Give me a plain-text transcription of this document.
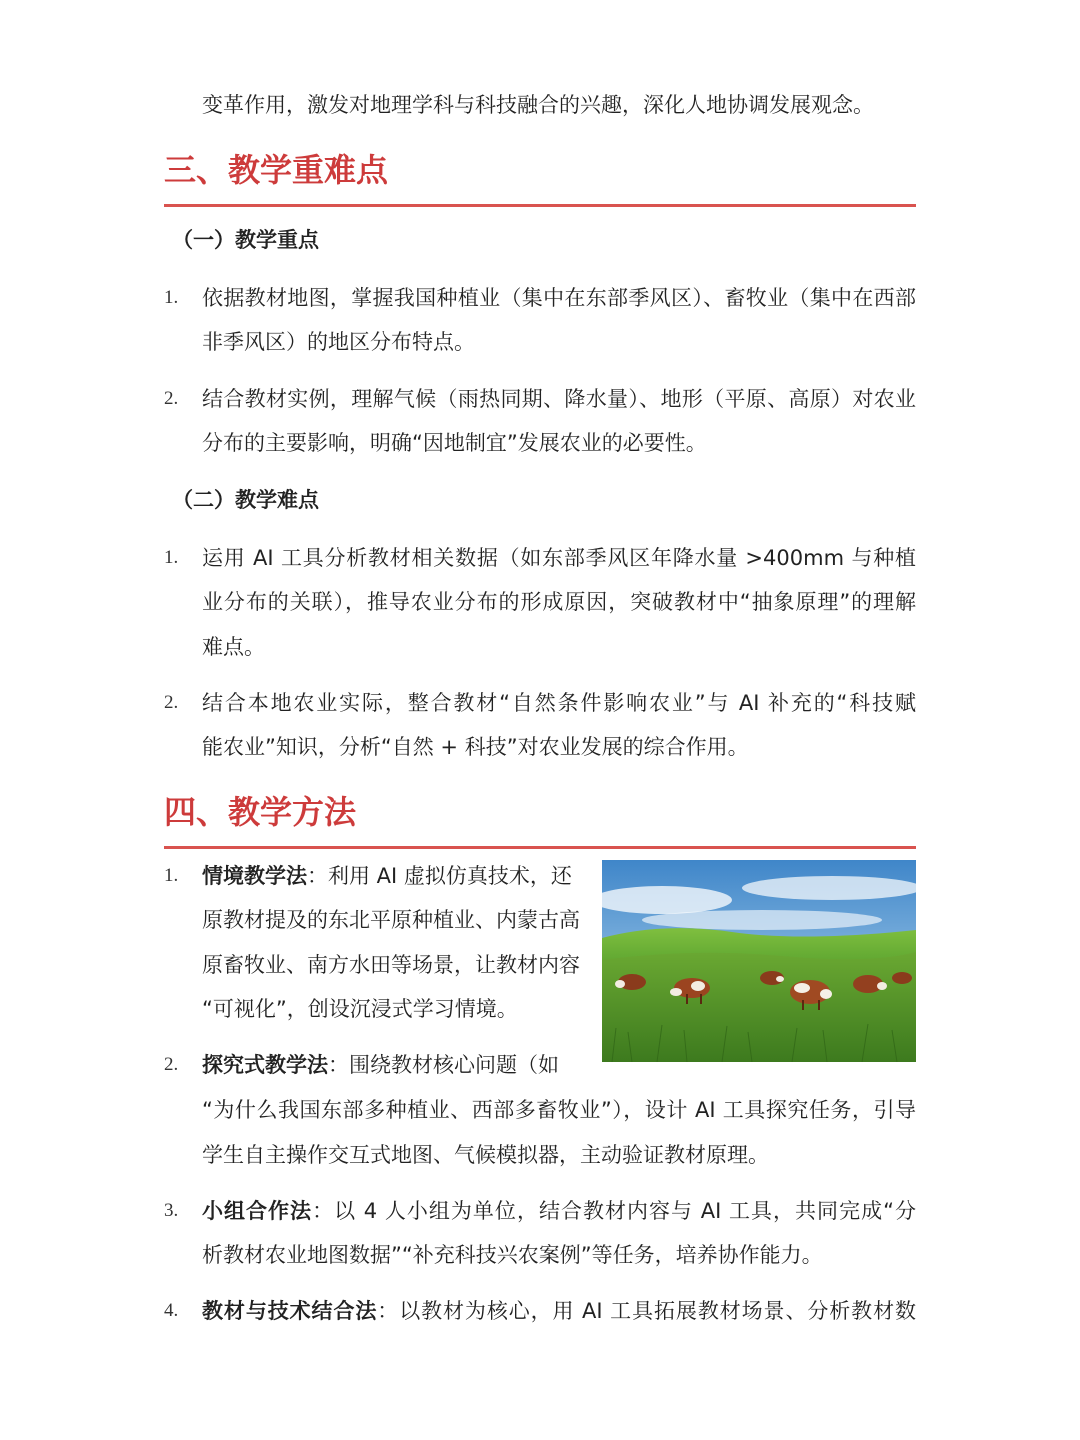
变革作用，激发对地理学科与科技融合的兴趣，深化人地协调发展观念。
三、教学重难点
（一）教学重点
1. 依据教材地图，掌握我国种植业（集中在东部季风区）、畜牧业（集中在西部
非季风区）的地区分布特点。
2. 结合教材实例，理解气候（雨热同期、降水量）、地形（平原、高原）对农业
分布的主要影响，明确“因地制宜”发展农业的必要性。
（二）教学难点
1. 运用 AI 工具分析教材相关数据（如东部季风区年降水量 >400mm 与种植
业分布的关联），推导农业分布的形成原因，突破教材中“抽象原理”的理解
难点。
2. 结合本地农业实际，整合教材“自然条件影响农业”与 AI 补充的“科技赋
能农业”知识，分析“自然 + 科技”对农业发展的综合作用。
四、教学方法
1. 情境教学法：利用 AI 虚拟仿真技术，还
原教材提及的东北平原种植业、内蒙古高
原畜牧业、南方水田等场景，让教材内容
“可视化”，创设沉浸式学习情境。
2. 探究式教学法：围绕教材核心问题（如
“为什么我国东部多种植业、西部多畜牧业”），设计 AI 工具探究任务，引导
学生自主操作交互式地图、气候模拟器，主动验证教材原理。
3. 小组合作法：以 4 人小组为单位，结合教材内容与 AI 工具，共同完成“分
析教材农业地图数据”“补充科技兴农案例”等任务，培养协作能力。
4. 教材与技术结合法：以教材为核心，用 AI 工具拓展教材场景、分析教材数
